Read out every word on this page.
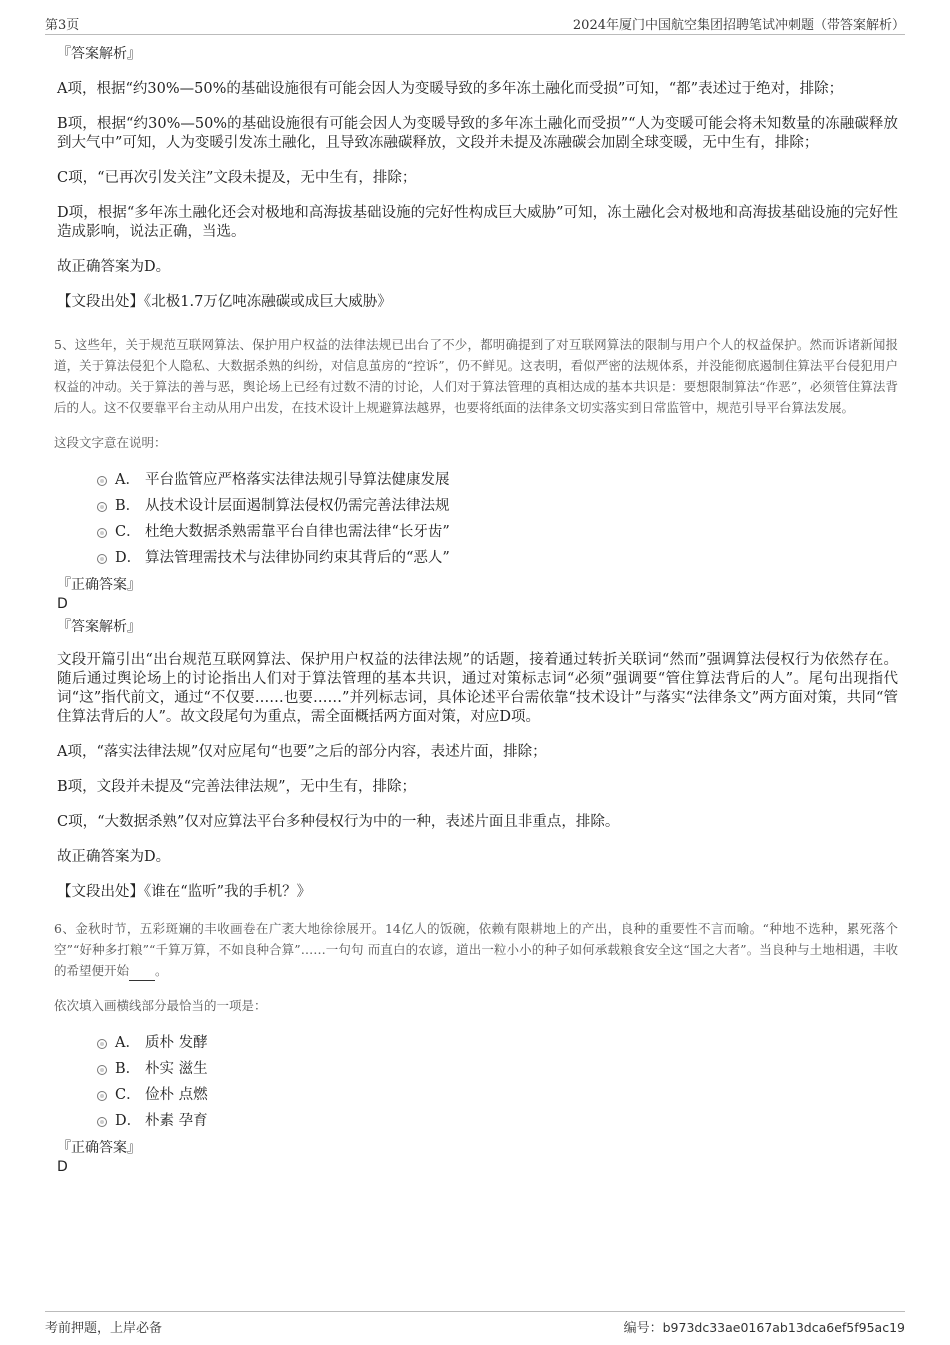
第3页	2024年厦门中国航空集团招聘笔试冲刺题（带答案解析）

『答案解析』

A项，根据“约30%—50%的基础设施很有可能会因人为变暖导致的多年冻土融化而受损”可知，“都”表述过于绝对，排除；

B项，根据“约30%—50%的基础设施很有可能会因人为变暖导致的多年冻土融化而受损”“人为变暖可能会将未知数量的冻融碳释放到大气中”可知，人为变暖引发冻土融化，且导致冻融碳释放，文段并未提及冻融碳会加剧全球变暖，无中生有，排除；

C项，“已再次引发关注”文段未提及，无中生有，排除；

D项，根据“多年冻土融化还会对极地和高海拔基础设施的完好性构成巨大威胁”可知，冻土融化会对极地和高海拔基础设施的完好性造成影响，说法正确，当选。

故正确答案为D。

【文段出处】《北极1.7万亿吨冻融碳或成巨大威胁》

5、这些年，关于规范互联网算法、保护用户权益的法律法规已出台了不少，都明确提到了对互联网算法的限制与用户个人的权益保护。然而诉诸新闻报道，关于算法侵犯个人隐私、大数据杀熟的纠纷，对信息茧房的“控诉”，仍不鲜见。这表明，看似严密的法规体系，并没能彻底遏制住算法平台侵犯用户权益的冲动。关于算法的善与恶，舆论场上已经有过数不清的讨论，人们对于算法管理的真相达成的基本共识是：要想限制算法“作恶”，必须管住算法背后的人。这不仅要靠平台主动从用户出发，在技术设计上规避算法越界，也要将纸面的法律条文切实落实到日常监管中，规范引导平台算法发展。

这段文字意在说明：

A． 平台监管应严格落实法律法规引导算法健康发展
B． 从技术设计层面遏制算法侵权仍需完善法律法规
C． 杜绝大数据杀熟需靠平台自律也需法律“长牙齿”
D． 算法管理需技术与法律协同约束其背后的“恶人”

『正确答案』

D

『答案解析』

文段开篇引出“出台规范互联网算法、保护用户权益的法律法规”的话题，接着通过转折关联词“然而”强调算法侵权行为依然存在。随后通过舆论场上的讨论指出人们对于算法管理的基本共识，通过对策标志词“必须”强调要“管住算法背后的人”。尾句出现指代词“这”指代前文，通过“不仅要……也要……”并列标志词，具体论述平台需依靠“技术设计”与落实“法律条文”两方面对策，共同“管住算法背后的人”。故文段尾句为重点，需全面概括两方面对策，对应D项。

A项，“落实法律法规”仅对应尾句“也要”之后的部分内容，表述片面，排除；

B项，文段并未提及“完善法律法规”，无中生有，排除；

C项，“大数据杀熟”仅对应算法平台多种侵权行为中的一种，表述片面且非重点，排除。

故正确答案为D。

【文段出处】《谁在“监听”我的手机？》

6、金秋时节，五彩斑斓的丰收画卷在广袤大地徐徐展开。14亿人的饭碗，依赖有限耕地上的产出，良种的重要性不言而喻。“种地不选种，累死落个空”“好种多打粮”“千算万算，不如良种合算”……一句句 而直白的农谚，道出一粒小小的种子如何承载粮食安全这“国之大者”。当良种与土地相遇，丰收的希望便开始 。

依次填入画横线部分最恰当的一项是：

A． 质朴 发酵
B． 朴实 滋生
C． 俭朴 点燃
D． 朴素 孕育

『正确答案』

D

考前押题，上岸必备	编号：b973dc33ae0167ab13dca6ef5f95ac19
